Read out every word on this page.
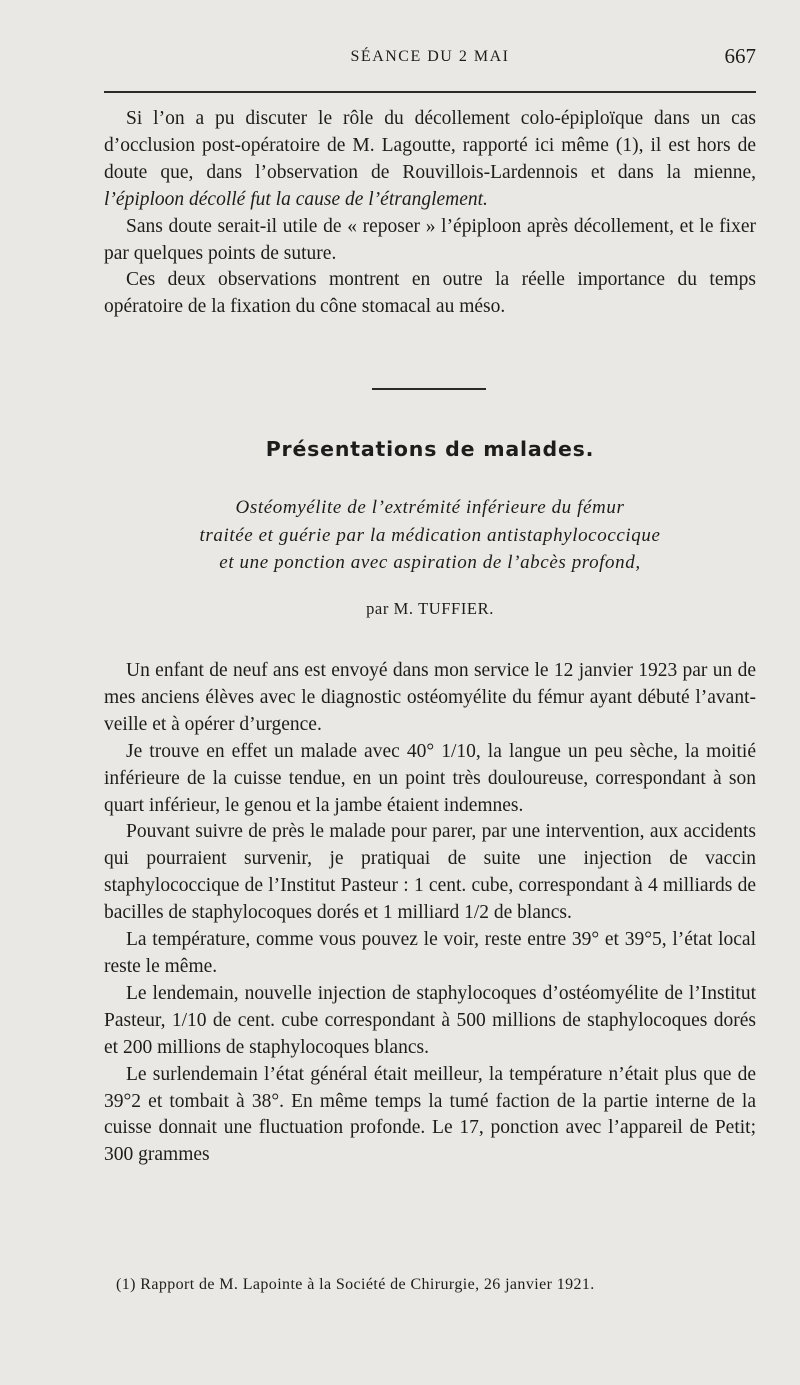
SÉANCE DU 2 MAI	667

Si l’on a pu discuter le rôle du décollement colo-épiploïque dans un cas d’occlusion post-opératoire de M. Lagoutte, rapporté ici même (1), il est hors de doute que, dans l’observation de Rouvillois-Lardennois et dans la mienne, l’épiploon décollé fut la cause de l’étranglement.

Sans doute serait-il utile de « reposer » l’épiploon après décollement, et le fixer par quelques points de suture.

Ces deux observations montrent en outre la réelle importance du temps opératoire de la fixation du cône stomacal au méso.

Présentations de malades.
Ostéomyélite de l’extrémité inférieure du fémur
traitée et guérie par la médication antistaphylococcique
et une ponction avec aspiration de l’abcès profond,
par M. TUFFIER.

Un enfant de neuf ans est envoyé dans mon service le 12 janvier 1923 par un de mes anciens élèves avec le diagnostic ostéomyélite du fémur ayant débuté l’avant-veille et à opérer d’urgence.

Je trouve en effet un malade avec 40° 1/10, la langue un peu sèche, la moitié inférieure de la cuisse tendue, en un point très douloureuse, correspondant à son quart inférieur, le genou et la jambe étaient indemnes.

Pouvant suivre de près le malade pour parer, par une intervention, aux accidents qui pourraient survenir, je pratiquai de suite une injection de vaccin staphylococcique de l’Institut Pasteur : 1 cent. cube, correspondant à 4 milliards de bacilles de staphylocoques dorés et 1 milliard 1/2 de blancs.

La température, comme vous pouvez le voir, reste entre 39° et 39°5, l’état local reste le même.

Le lendemain, nouvelle injection de staphylocoques d’ostéomyélite de l’Institut Pasteur, 1/10 de cent. cube correspondant à 500 millions de staphylocoques dorés et 200 millions de staphylocoques blancs.

Le surlendemain l’état général était meilleur, la température n’était plus que de 39°2 et tombait à 38°. En même temps la tumé faction de la partie interne de la cuisse donnait une fluctuation profonde. Le 17, ponction avec l’appareil de Petit; 300 grammes

(1) Rapport de M. Lapointe à la Société de Chirurgie, 26 janvier 1921.
